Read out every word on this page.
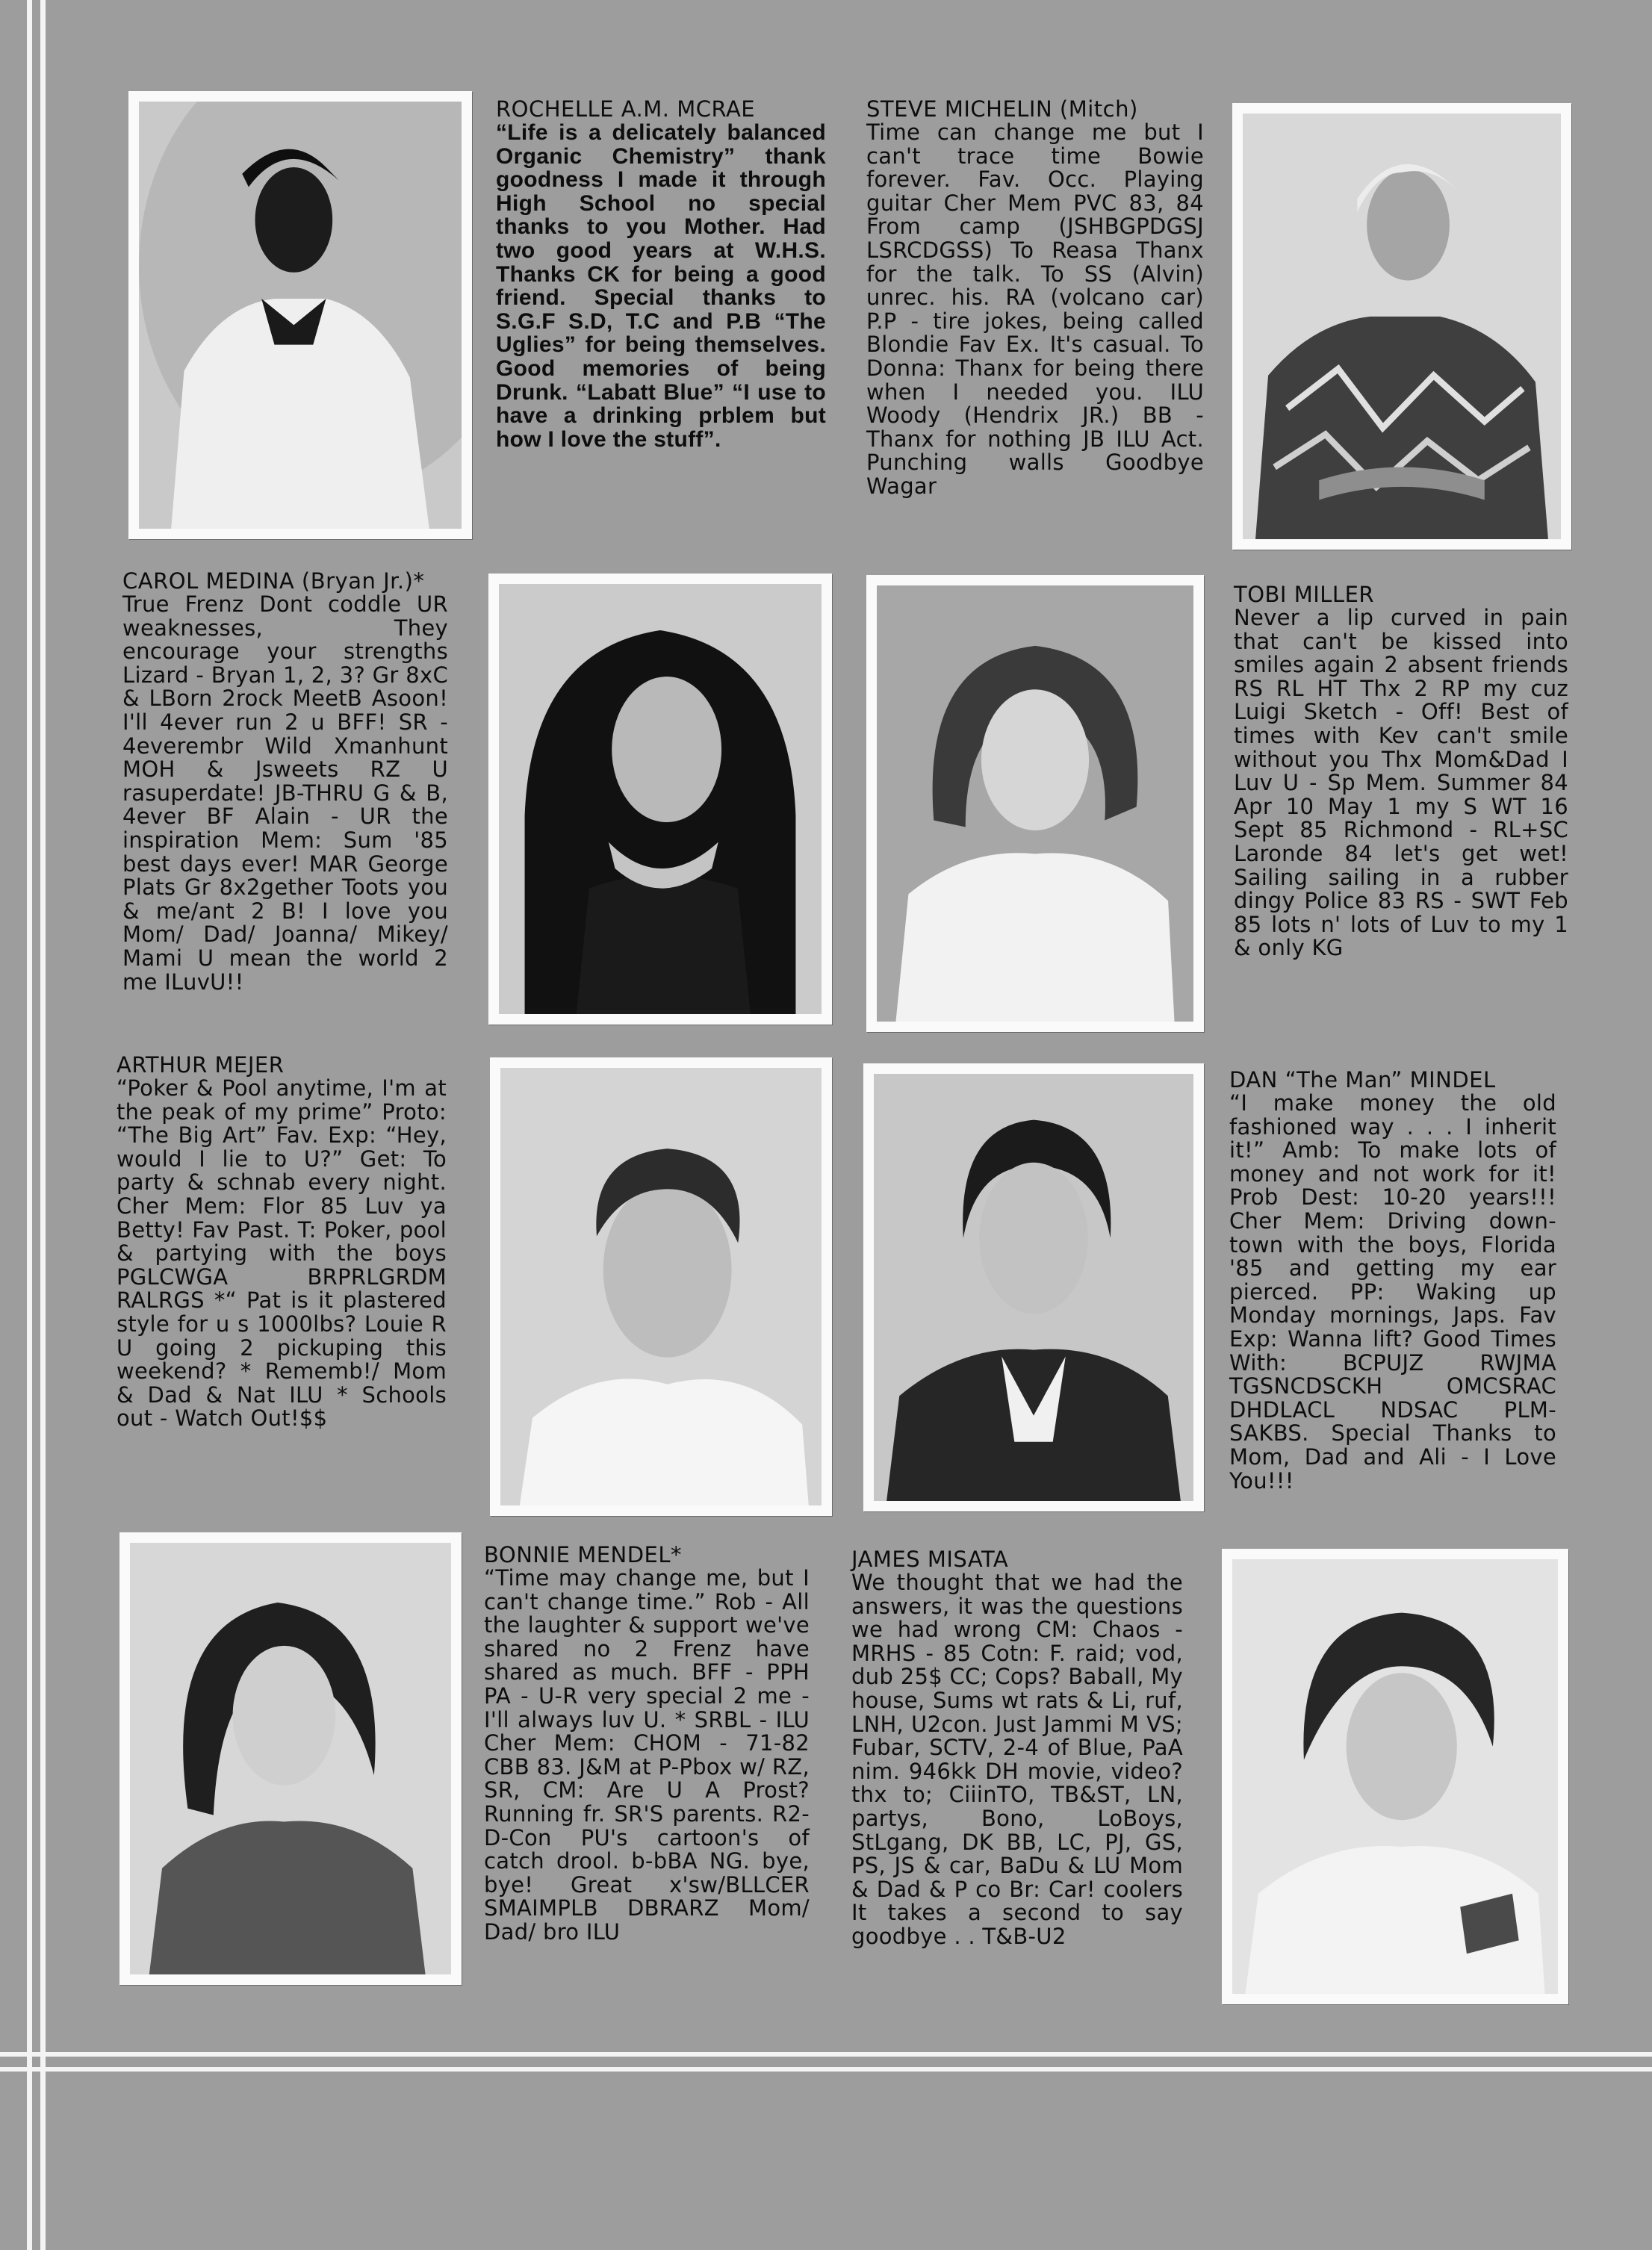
ROCHELLE A.M. MCRAE
“Life is a delicately balanced Organic Chemistry” thank goodness I made it through High School no special thanks to you Mother. Had two good years at W.H.S. Thanks CK for being a good friend. Special thanks to S.G.F S.D, T.C and P.B “The Uglies” for being themselves. Good memories of being Drunk. “Labatt Blue” “I use to have a drinking prblem but how I love the stuff”.
STEVE MICHELIN (Mitch)
Time can change me but I can't trace time Bowie forever. Fav. Occ. Playing guitar Cher Mem PVC 83, 84 From camp (JSHBGPDGSJ LSRCDGSS) To Reasa Thanx for the talk. To SS (Alvin) unrec. his. RA (volcano car) P.P - tire jokes, being called Blondie Fav Ex. It's casual. To Donna: Thanx for being there when I needed you. ILU Woody (Hendrix JR.) BB - Thanx for nothing JB ILU Act. Punching walls Goodbye Wagar
CAROL MEDINA (Bryan Jr.)*
True Frenz Dont coddle UR weaknesses, They encourage your strengths Lizard - Bryan 1, 2, 3? Gr 8xC & LBorn 2rock MeetB Asoon! I'll 4ever run 2 u BFF! SR - 4everembr Wild Xmanhunt MOH & Jsweets RZ U rasuperdate! JB-THRU G & B, 4ever BF Alain - UR the inspiration Mem: Sum '85 best days ever! MAR George Plats Gr 8x2gether Toots you & me/ant 2 B! I love you Mom/ Dad/ Joanna/ Mikey/ Mami U mean the world 2 me ILuvU!!
TOBI MILLER
Never a lip curved in pain that can't be kissed into smiles again 2 absent friends RS RL HT Thx 2 RP my cuz Luigi Sketch - Off! Best of times with Kev can't smile without you Thx Mom&Dad I Luv U - Sp Mem. Summer 84 Apr 10 May 1 my S WT 16 Sept 85 Richmond - RL+SC Laronde 84 let's get wet! Sailing sailing in a rubber dingy Police 83 RS - SWT Feb 85 lots n' lots of Luv to my 1 & only KG
ARTHUR MEJER
“Poker & Pool anytime, I'm at the peak of my prime” Proto: “The Big Art” Fav. Exp: “Hey, would I lie to U?” Get: To party & schnab every night. Cher Mem: Flor 85 Luv ya Betty! Fav Past. T: Poker, pool & partying with the boys PGLCWGA BRPRLGRDM RALRGS *“ Pat is it plastered style for u s 1000lbs? Louie R U going 2 pickuping this weekend? * Rememb!/ Mom & Dad & Nat ILU * Schools out - Watch Out!$$
DAN “The Man” MINDEL
“I make money the old fashioned way . . . I inherit it!” Amb: To make lots of money and not work for it! Prob Dest: 10-20 years!!! Cher Mem: Driving down-town with the boys, Florida '85 and getting my ear pierced. PP: Waking up Monday mornings, Japs. Fav Exp: Wanna lift? Good Times With: BCPUJZ RWJMA TGSNCDSCKH OMCSRAC DHDLACL NDSAC PLM-SAKBS. Special Thanks to Mom, Dad and Ali - I Love You!!!
BONNIE MENDEL*
“Time may change me, but I can't change time.” Rob - All the laughter & support we've shared no 2 Frenz have shared as much. BFF - PPH PA - U-R very special 2 me - I'll always luv U. * SRBL - ILU Cher Mem: CHOM - 71-82 CBB 83. J&M at P-Pbox w/ RZ, SR, CM: Are U A Prost? Running fr. SR'S parents. R2-D-Con PU's cartoon's of catch drool. b-bBA NG. bye, bye! Great x'sw/BLLCER SMAIMPLB DBRARZ Mom/ Dad/ bro ILU
JAMES MISATA
We thought that we had the answers, it was the questions we had wrong CM: Chaos - MRHS - 85 Cotn: F. raid; vod, dub 25$ CC; Cops? Baball, My house, Sums wt rats & Li, ruf, LNH, U2con. Just Jammi M VS; Fubar, SCTV, 2-4 of Blue, PaA nim. 946kk DH movie, video? thx to; CiiinTO, TB&ST, LN, partys, Bono, LoBoys, StLgang, DK BB, LC, PJ, GS, PS, JS & car, BaDu & LU Mom & Dad & P co Br: Car! coolers It takes a second to say goodbye . . T&B-U2
